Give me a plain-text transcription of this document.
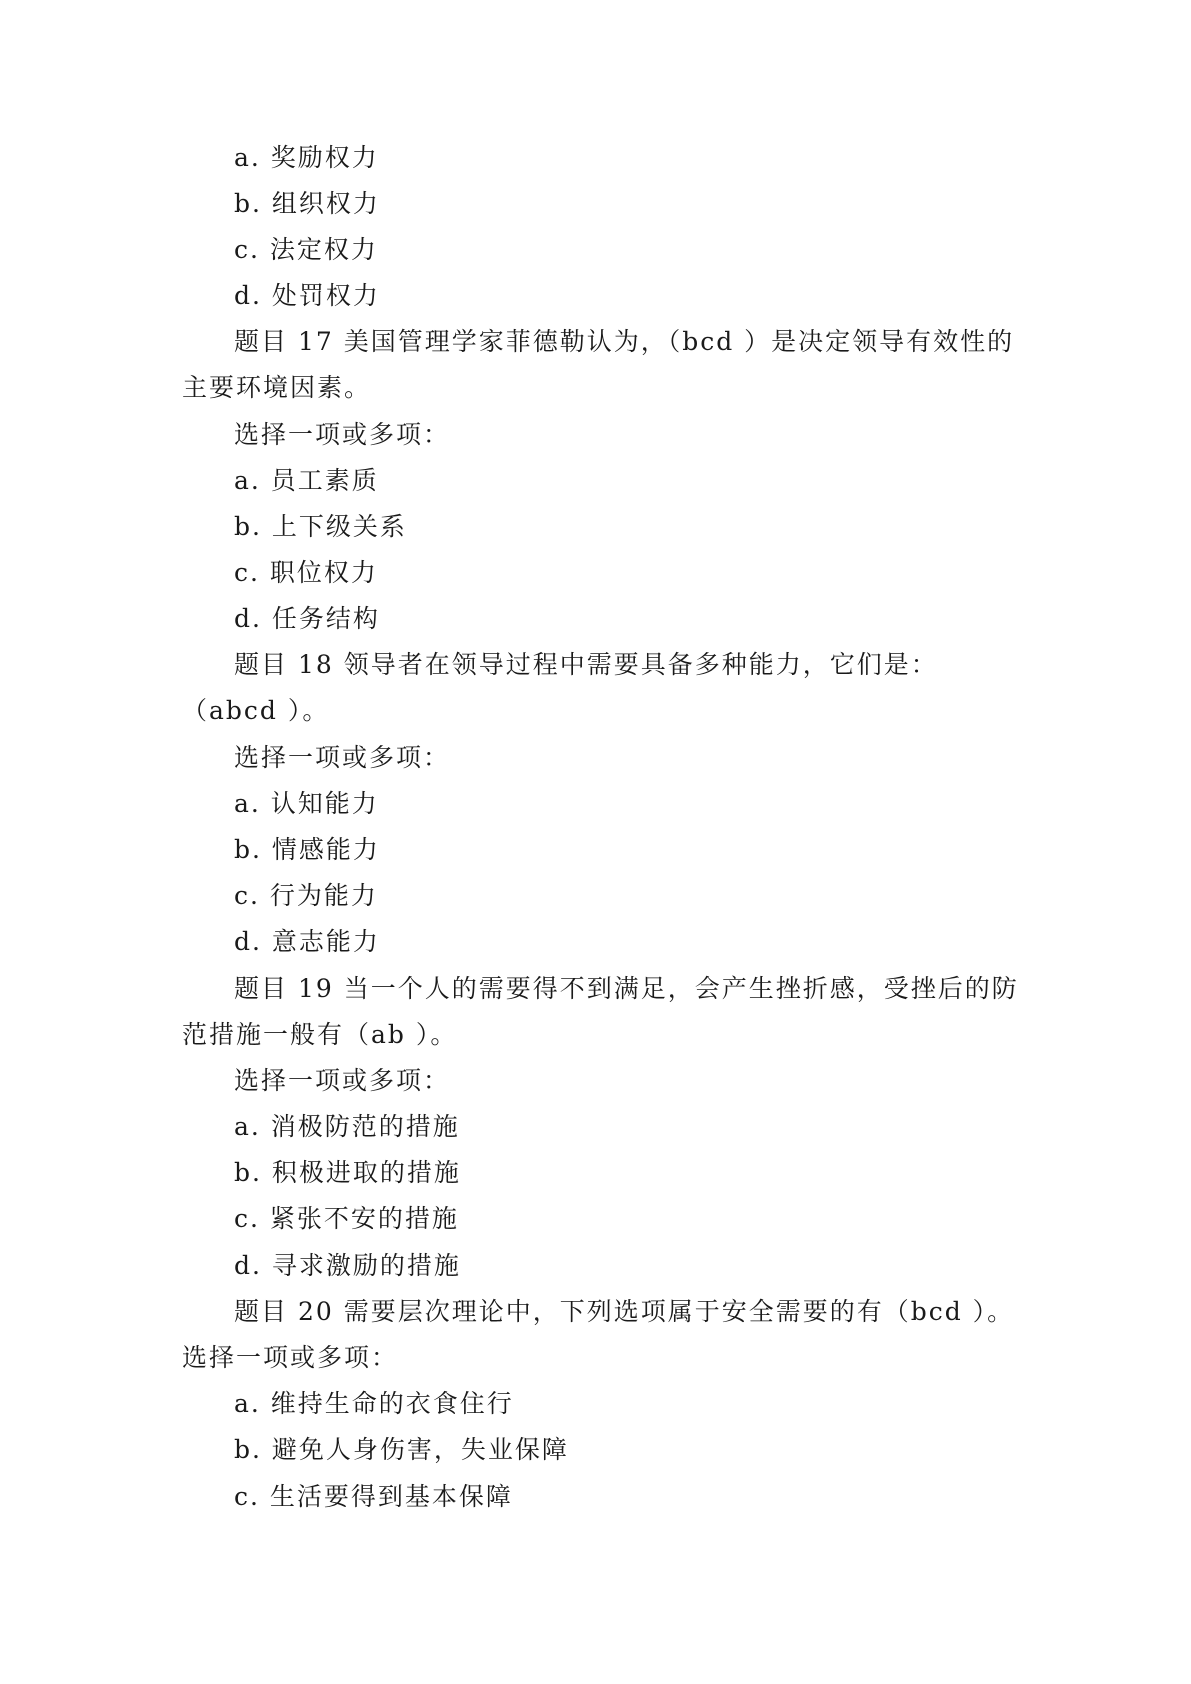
a. 奖励权力
b. 组织权力
c. 法定权力
d. 处罚权力
题目 17 美国管理学家菲德勒认为，（bcd ）是决定领导有效性的
主要环境因素。
选择一项或多项：
a. 员工素质
b. 上下级关系
c. 职位权力
d. 任务结构
题目 18 领导者在领导过程中需要具备多种能力，它们是：
（abcd ）。
选择一项或多项：
a. 认知能力
b. 情感能力
c. 行为能力
d. 意志能力
题目 19 当一个人的需要得不到满足，会产生挫折感，受挫后的防
范措施一般有（ab ）。
选择一项或多项：
a. 消极防范的措施
b. 积极进取的措施
c. 紧张不安的措施
d. 寻求激励的措施
题目 20 需要层次理论中，下列选项属于安全需要的有（bcd ）。
选择一项或多项：
a. 维持生命的衣食住行
b. 避免人身伤害，失业保障
c. 生活要得到基本保障
